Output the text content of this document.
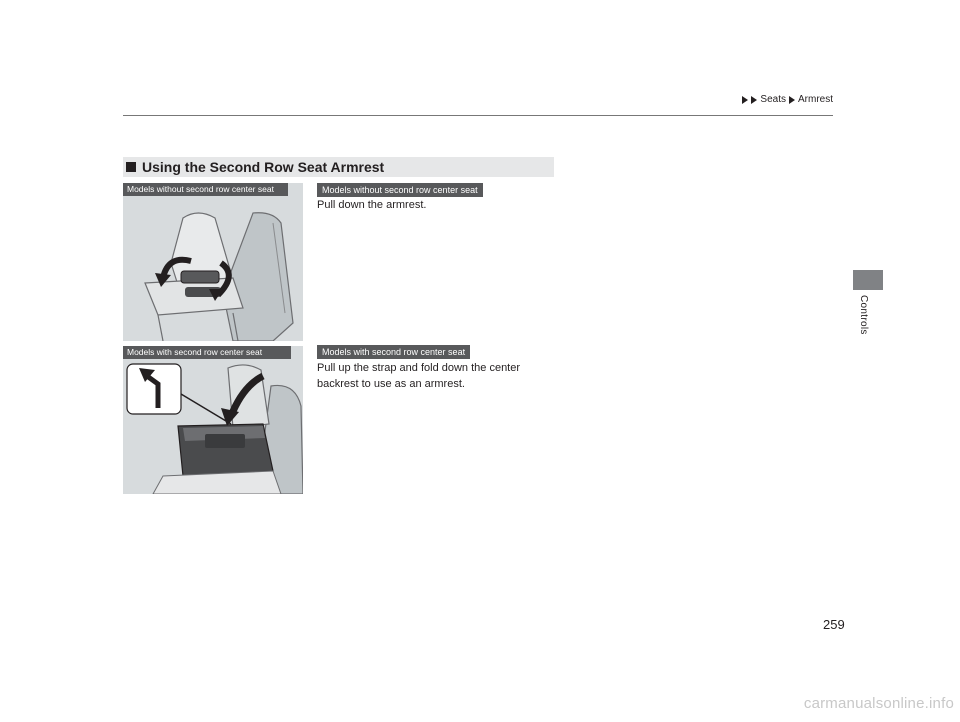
Seats Armrest
Controls
Using the Second Row Seat Armrest
Models without second row center seat
Models with second row center seat
Models without second row center seat
Pull down the armrest.
Models with second row center seat
Pull up the strap and fold down the center
backrest to use as an armrest.
259
carmanualsonline.info
